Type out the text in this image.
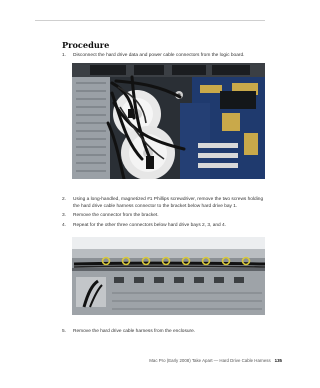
Procedure
1. Disconnect the hard drive data and power cable connectors from the logic board.
2. Using a long-handled, magnetized #1 Phillips screwdriver, remove the two screws holding the hard drive cable harness connector to the bracket below hard drive bay 1.
3. Remove the connector from the bracket.
4. Repeat for the other three connectors below hard drive bays 2, 3, and 4.
5. Remove the hard drive cable harness from the enclosure.
Mac Pro (Early 2008) Take Apart — Hard Drive Cable Harness 135
